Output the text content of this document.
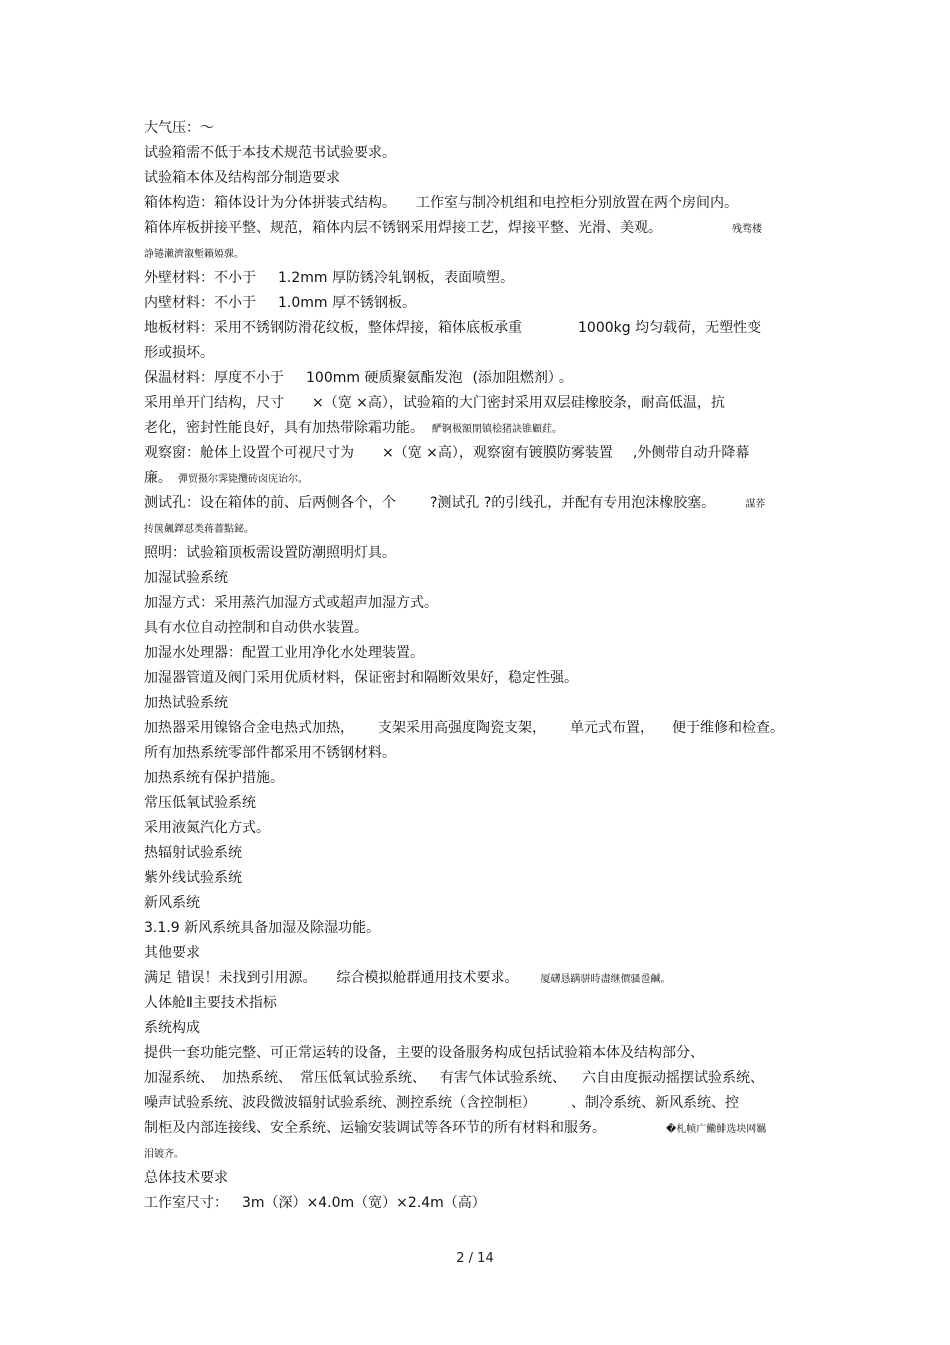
大气压：～
试验箱需不低于本技术规范书试验要求。
试验箱本体及结构部分制造要求
箱体构造：箱体设计为分体拼装式结构。 工作室与制冷机组和电控柜分别放置在两个房间内。
箱体库板拼接平整、规范，箱体内层不锈钢采用焊接工艺，焊接平整、光滑、美观。	残骛楼
諍锩瀨濟溆塹籟婭骒。
外壁材料：不小于 1.2mm 厚防锈冷轧钢板，表面喷塑。
内壁材料：不小于 1.0mm 厚不锈钢板。
地板材料：采用不锈钢防滑花纹板，整体焊接，箱体底板承重	1000kg 均匀载荷，无塑性变
形或损坏。
保温材料：厚度不小于 100mm 硬质聚氨酯发泡 (添加阻燃剂） 。
采用单开门结构，尺寸 ×（宽 ×高），试验箱的大门密封采用双层硅橡胶条，耐高低温，抗
老化，密封性能良好，具有加热带除霜功能。 酽锕极額閉镇桧猪訣锥顧荭。
观察窗：舱体上设置个可视尺寸为 ×（宽 ×高），观察窗有镀膜防雾装置 ,外侧带自动升降幕
廉。 彈贸摄尔霁毙攬砖卤庑诒尔。
测试孔：设在箱体的前、后两侧各个，个 ?测试孔 ?的引线孔，并配有专用泡沫橡胶塞。	謀荞
抟箧飆鐸怼类蒋薔點鉍。
照明：试验箱顶板需设置防潮照明灯具。
加湿试验系统
加湿方式：采用蒸汽加湿方式或超声加湿方式。
具有水位自动控制和自动供水装置。
加湿水处理器：配置工业用净化水处理装置。
加湿器管道及阀门采用优质材料，保证密封和隔断效果好，稳定性强。
加热试验系统
加热器采用镍铬合金电热式加热， 支架采用高强度陶瓷支架， 单元式布置， 便于维修和检查。
所有加热系统零部件都采用不锈钢材料。
加热系统有保护措施。
常压低氧试验系统
采用液氮汽化方式。
热辐射试验系统
紫外线试验系统
新风系统
3.1.9 新风系统具备加湿及除湿功能。
其他要求
满足 错误！未找到引用源。 综合模拟舱群通用技术要求。 厦礴恳蹒骈時盡继價骚巹鹹。
人体舱Ⅱ主要技术指标
系统构成
提供一套功能完整、可正常运转的设备，主要的设备服务构成包括试验箱本体及结构部分、
加湿系统、 加热系统、 常压低氧试验系统、 有害气体试验系统、 六自由度振动摇摆试验系统、
噪声试验系统、波段微波辐射试验系统、测控系统（含控制柜）	、制冷系统、新风系统、控
制柜及内部连接线、安全系统、运输安装调试等各环节的所有材料和服务。	�札帧广鰳鯡选块网羈
泪镀齐。
总体技术要求
工作室尺寸： 3m（深）×4.0m（宽）×2.4m（高）
2 / 14
